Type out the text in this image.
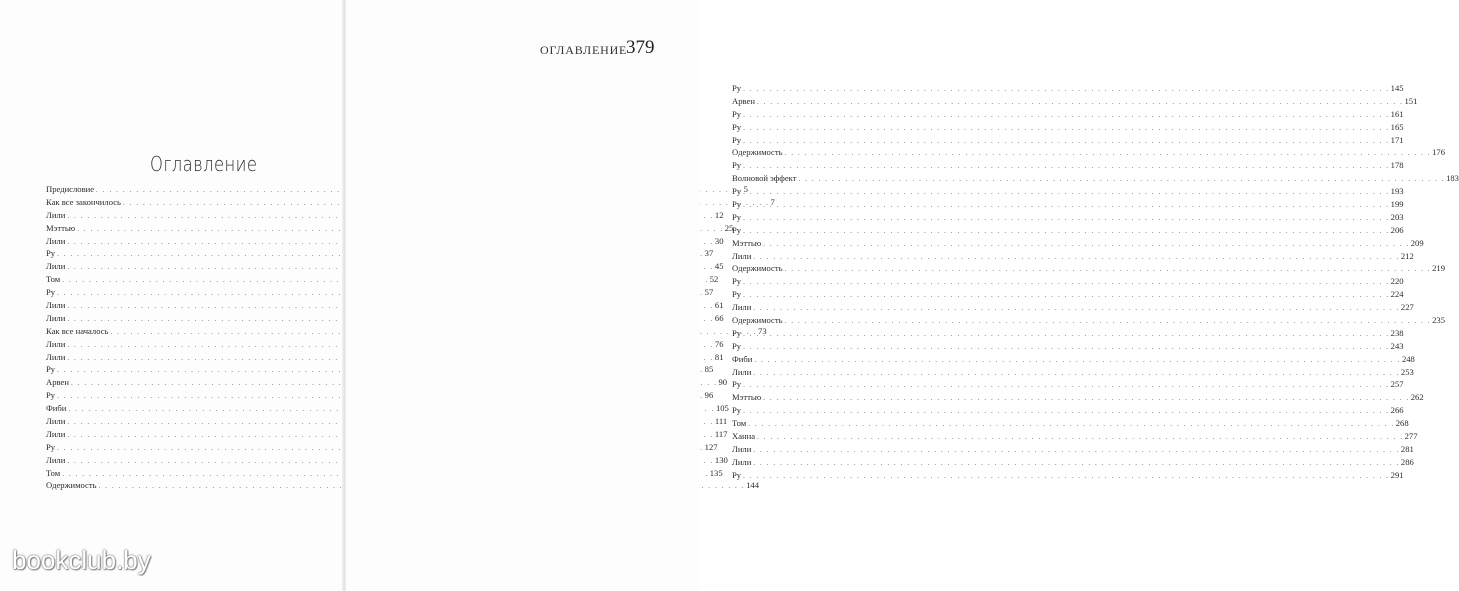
Оглавление
Предисловие . . .	5
Как все закончилось . . .	7
Лили . . .	12
Мэттью . . .	25
Лили . . .	30
Ру . . .	37
Лили . . .	45
Том . . .	52
Ру . . .	57
Лили . . .	61
Лили . . .	66
Как все началось . . .	73
Лили . . .	76
Лили . . .	81
Ру . . .	85
Арвен . . .	90
Ру . . .	96
Фиби . . .	105
Лили . . .	111
Лили . . .	117
Ру . . .	127
Лили . . .	130
Том . . .	135
Одержимость . . .	144
Ру . . .	145
Арвен . . .	151
Ру . . .	161
Ру . . .	165
Ру . . .	171
Одержимость . . .	176
Ру . . .	178
Волновой эффект . . .	183
Ру . . .	193
Ру . . .	199
Ру . . .	203
Ру . . .	206
Мэттью . . .	209
Лили . . .	212
Одержимость . . .	219
Ру . . .	220
Ру . . .	224
Лили . . .	227
Одержимость . . .	235
Ру . . .	238
Ру . . .	243
Фиби . . .	248
Лили . . .	253
Ру . . .	257
Мэттью . . .	262
Ру . . .	266
Том . . .	268
Ханна . . .	277
Лили . . .	281
Лили . . .	286
Ру . . .	291
ОГЛАВЛЕНИЕ
379
bookclub.by
